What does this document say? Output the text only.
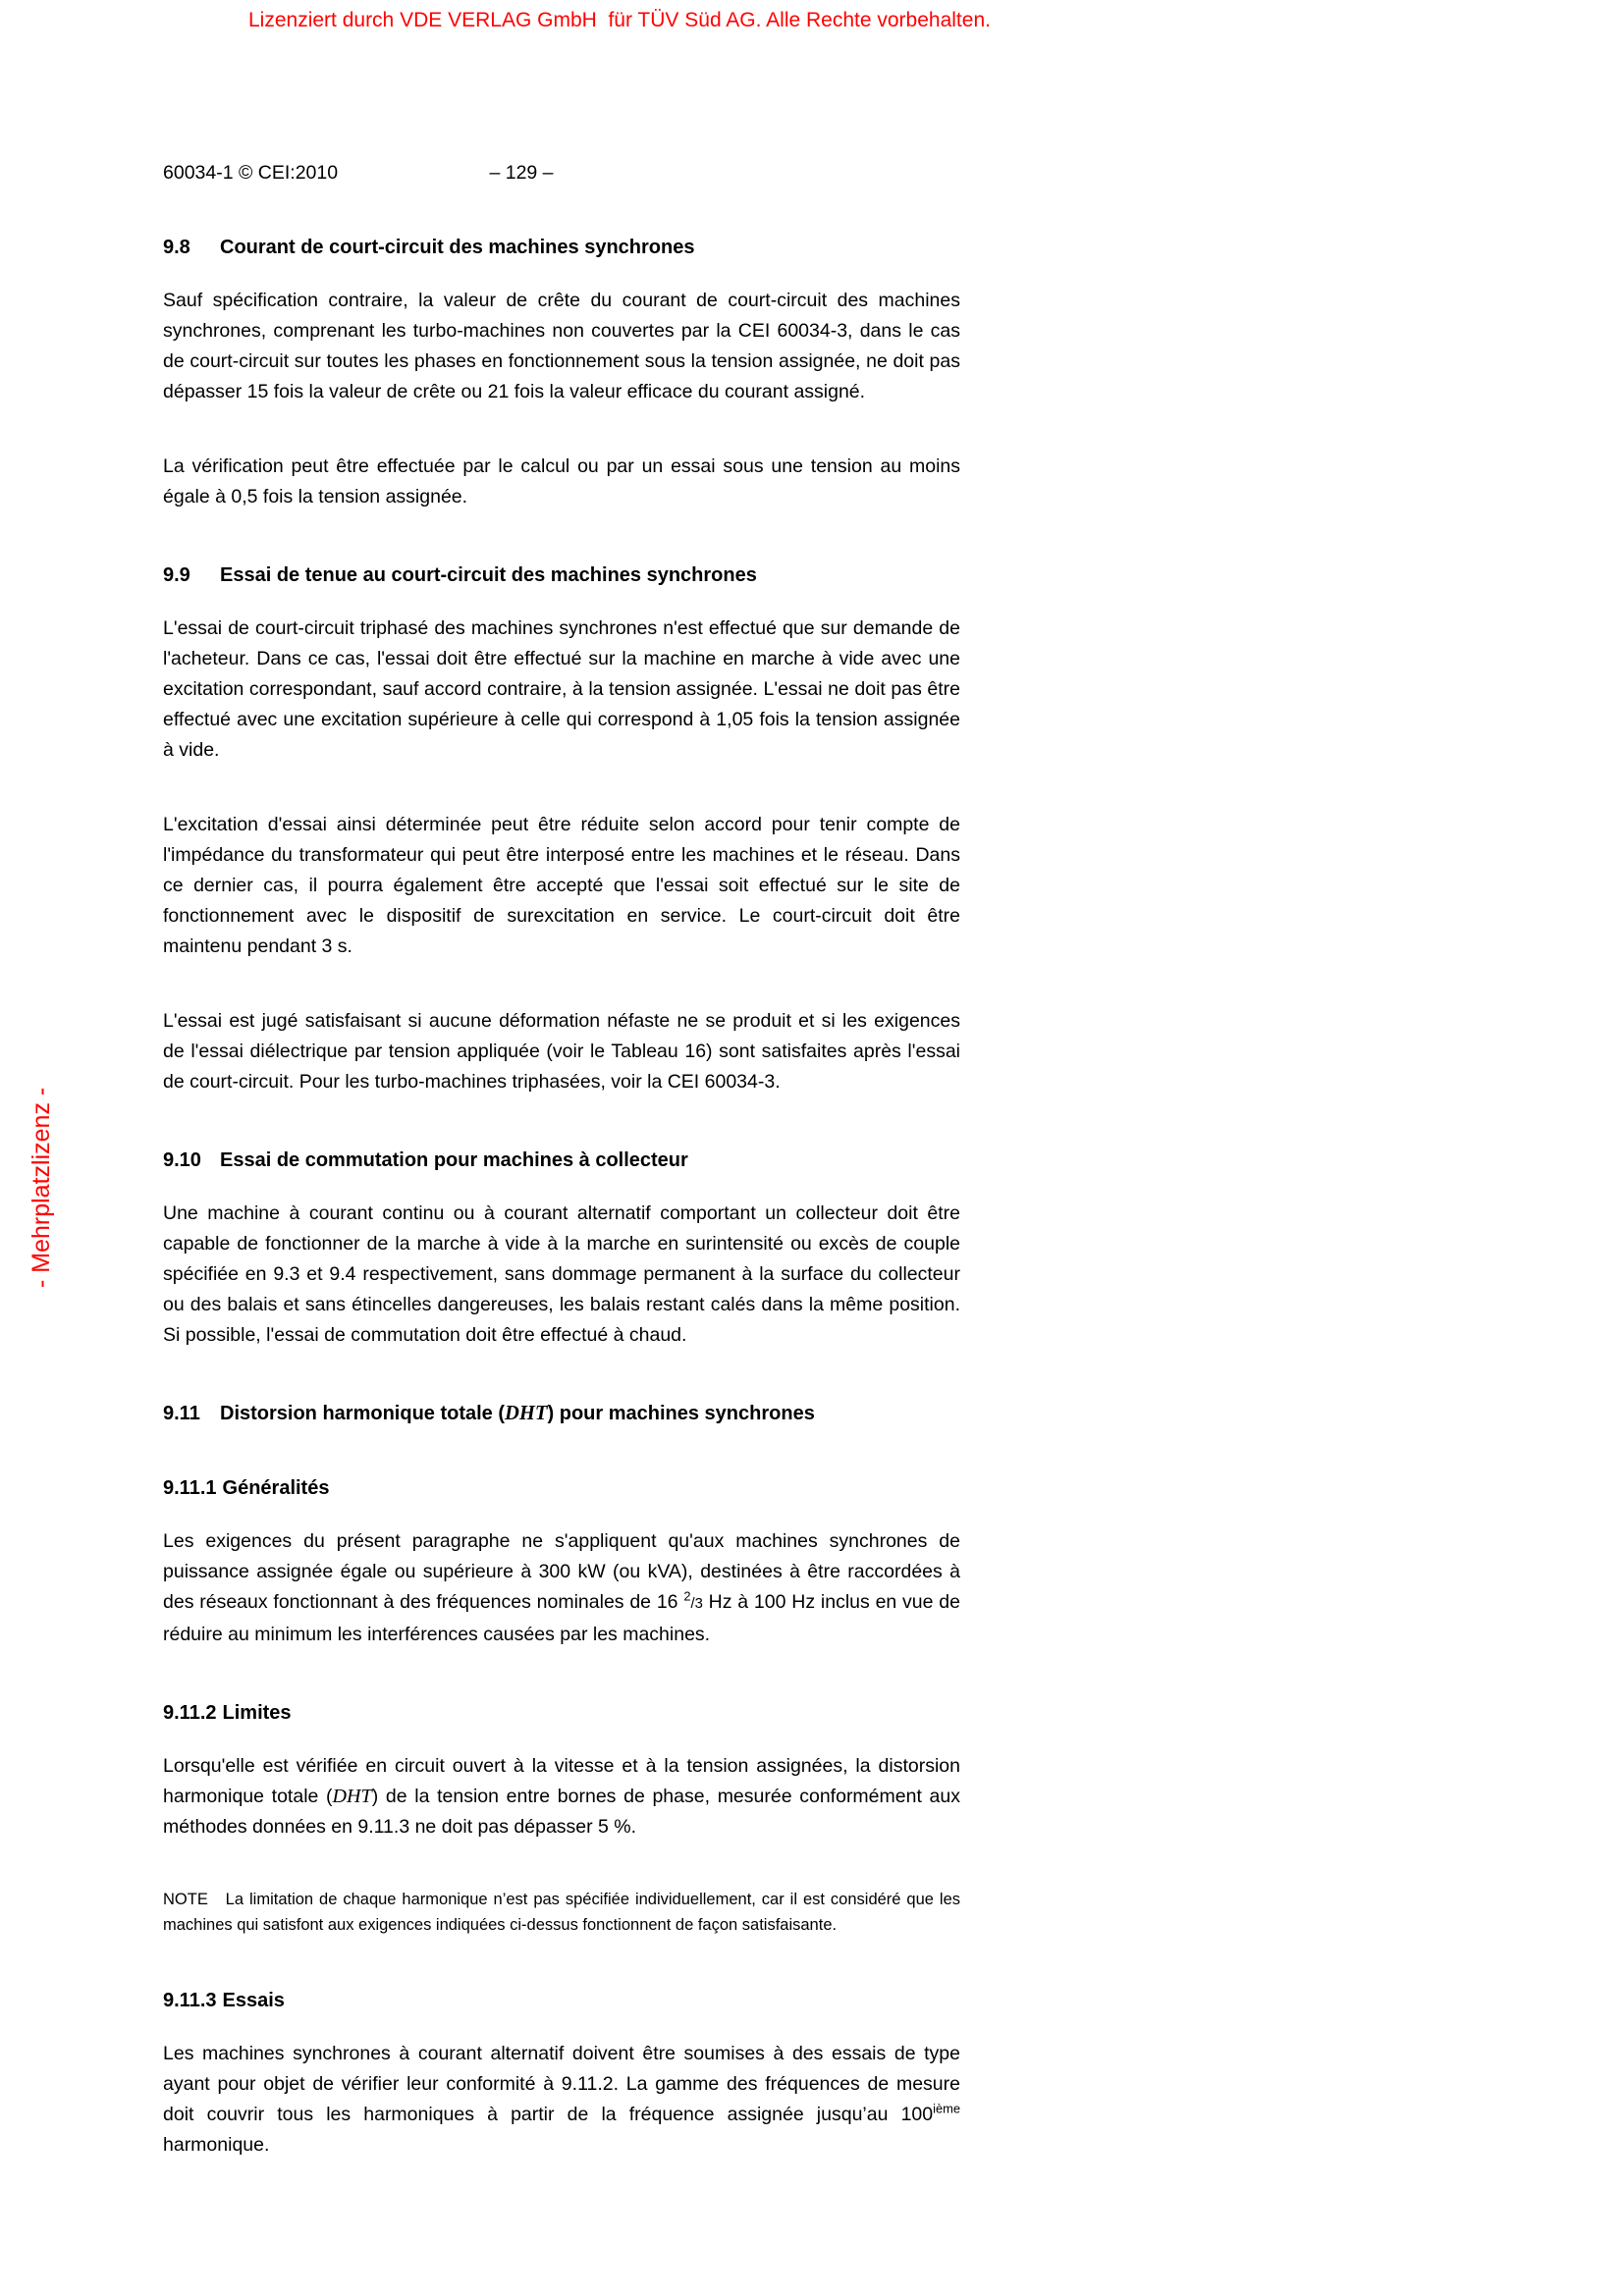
Lizenziert durch VDE VERLAG GmbH  für TÜV Süd AG. Alle Rechte vorbehalten.
- Mehrplatzlizenz -
60034-1 © CEI:2010	– 129 –
9.8	Courant de court-circuit des machines synchrones

Sauf spécification contraire, la valeur de crête du courant de court-circuit des machines synchrones, comprenant les turbo-machines non couvertes par la CEI 60034-3, dans le cas de court-circuit sur toutes les phases en fonctionnement sous la tension assignée, ne doit pas dépasser 15 fois la valeur de crête ou 21 fois la valeur efficace du courant assigné.

La vérification peut être effectuée par le calcul ou par un essai sous une tension au moins égale à 0,5 fois la tension assignée.

9.9	Essai de tenue au court-circuit des machines synchrones

L'essai de court-circuit triphasé des machines synchrones n'est effectué que sur demande de l'acheteur. Dans ce cas, l'essai doit être effectué sur la machine en marche à vide avec une excitation correspondant, sauf accord contraire, à la tension assignée. L'essai ne doit pas être effectué avec une excitation supérieure à celle qui correspond à 1,05 fois la tension assignée à vide.

L'excitation d'essai ainsi déterminée peut être réduite selon accord pour tenir compte de l'impédance du transformateur qui peut être interposé entre les machines et le réseau. Dans ce dernier cas, il pourra également être accepté que l'essai soit effectué sur le site de fonctionnement avec le dispositif de surexcitation en service. Le court-circuit doit être maintenu pendant 3 s.

L'essai est jugé satisfaisant si aucune déformation néfaste ne se produit et si les exigences de l'essai diélectrique par tension appliquée (voir le Tableau 16) sont satisfaites après l'essai de court-circuit. Pour les turbo-machines triphasées, voir la CEI 60034-3.

9.10 Essai de commutation pour machines à collecteur

Une machine à courant continu ou à courant alternatif comportant un collecteur doit être capable de fonctionner de la marche à vide à la marche en surintensité ou excès de couple spécifiée en 9.3 et 9.4 respectivement, sans dommage permanent à la surface du collecteur ou des balais et sans étincelles dangereuses, les balais restant calés dans la même position. Si possible, l'essai de commutation doit être effectué à chaud.

9.11	Distorsion harmonique totale (DHT) pour machines synchrones
9.11.1 Généralités

Les exigences du présent paragraphe ne s'appliquent qu'aux machines synchrones de puissance assignée égale ou supérieure à 300 kW (ou kVA), destinées à être raccordées à des réseaux fonctionnant à des fréquences nominales de 16 $^2$/3 Hz à 100 Hz inclus en vue de réduire au minimum les interférences causées par les machines.

9.11.2 Limites

Lorsqu'elle est vérifiée en circuit ouvert à la vitesse et à la tension assignées, la distorsion harmonique totale (DHT) de la tension entre bornes de phase, mesurée conformément aux méthodes données en 9.11.3 ne doit pas dépasser 5 %.

NOTE   La limitation de chaque harmonique n’est pas spécifiée individuellement, car il est considéré que les machines qui satisfont aux exigences indiquées ci-dessus fonctionnent de façon satisfaisante.

9.11.3 Essais

Les machines synchrones à courant alternatif doivent être soumises à des essais de type ayant pour objet de vérifier leur conformité à 9.11.2. La gamme des fréquences de mesure doit couvrir tous les harmoniques à partir de la fréquence assignée jusqu’au 100ième harmonique.
